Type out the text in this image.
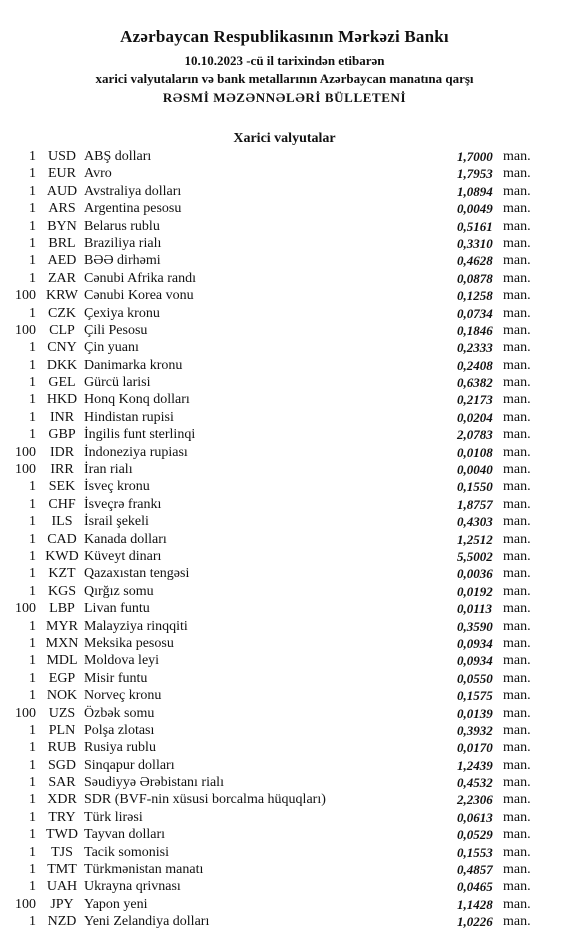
Azərbaycan Respublikasının Mərkəzi Bankı
10.10.2023 -cü il tarixindən etibarən
xarici valyutaların və bank metallarının Azərbaycan manatına qarşı
RƏSMİ MƏZƏNNƏLƏRİ BÜLLETENİ
Xarici valyutalar
1 USD ABŞ dolları	1,7000 man.
1 EUR Avro	1,7953 man.
1 AUD Avstraliya dolları	1,0894 man.
1 ARS Argentina pesosu	0,0049 man.
1 BYN Belarus rublu	0,5161 man.
1 BRL Braziliya rialı	0,3310 man.
1 AED BƏƏ dirhəmi	0,4628 man.
1 ZAR Cənubi Afrika randı	0,0878 man.
100 KRW Cənubi Korea vonu	0,1258 man.
1 CZK Çexiya kronu	0,0734 man.
100 CLP Çili Pesosu	0,1846 man.
1 CNY Çin yuanı	0,2333 man.
1 DKK Danimarka kronu	0,2408 man.
1 GEL Gürcü larisi	0,6382 man.
1 HKD Honq Konq dolları	0,2173 man.
1 INR Hindistan rupisi	0,0204 man.
1 GBP İngilis funt sterlinqi	2,0783 man.
100 IDR İndoneziya rupiası	0,0108 man.
100	IRR İran rialı	0,0040 man.
1 SEK İsveç kronu	0,1550 man.
1 CHF İsveçrə frankı	1,8757 man.
1	ILS İsrail şekeli	0,4303 man.
1 CAD Kanada dolları	1,2512 man.
1 KWD Küveyt dinarı	5,5002 man.
1 KZT Qazaxıstan tengəsi	0,0036 man.
1 KGS Qırğız somu	0,0192 man.
100 LBP Livan funtu	0,0113 man.
1 MYR Malayziya rinqqiti	0,3590 man.
1 MXN Meksika pesosu	0,0934 man.
1 MDL Moldova leyi	0,0934 man.
1 EGP Misir funtu	0,0550 man.
1 NOK Norveç kronu	0,1575 man.
100 UZS Özbək somu	0,0139 man.
1 PLN Polşa zlotası	0,3932 man.
1 RUB Rusiya rublu	0,0170 man.
1 SGD Sinqapur dolları	1,2439 man.
1 SAR Səudiyyə Ərəbistanı rialı	0,4532 man.
1 XDR SDR (BVF-nin xüsusi borcalma hüquqları)	2,2306 man.
1 TRY Türk lirəsi	0,0613 man.
1 TWD Tayvan dolları	0,0529 man.
1	TJS Tacik somonisi	0,1553 man.
1 TMT Türkmənistan manatı	0,4857 man.
1 UAH Ukrayna qrivnası	0,0465 man.
100	JPY Yapon yeni	1,1428 man.
1 NZD Yeni Zelandiya dolları	1,0226 man.
